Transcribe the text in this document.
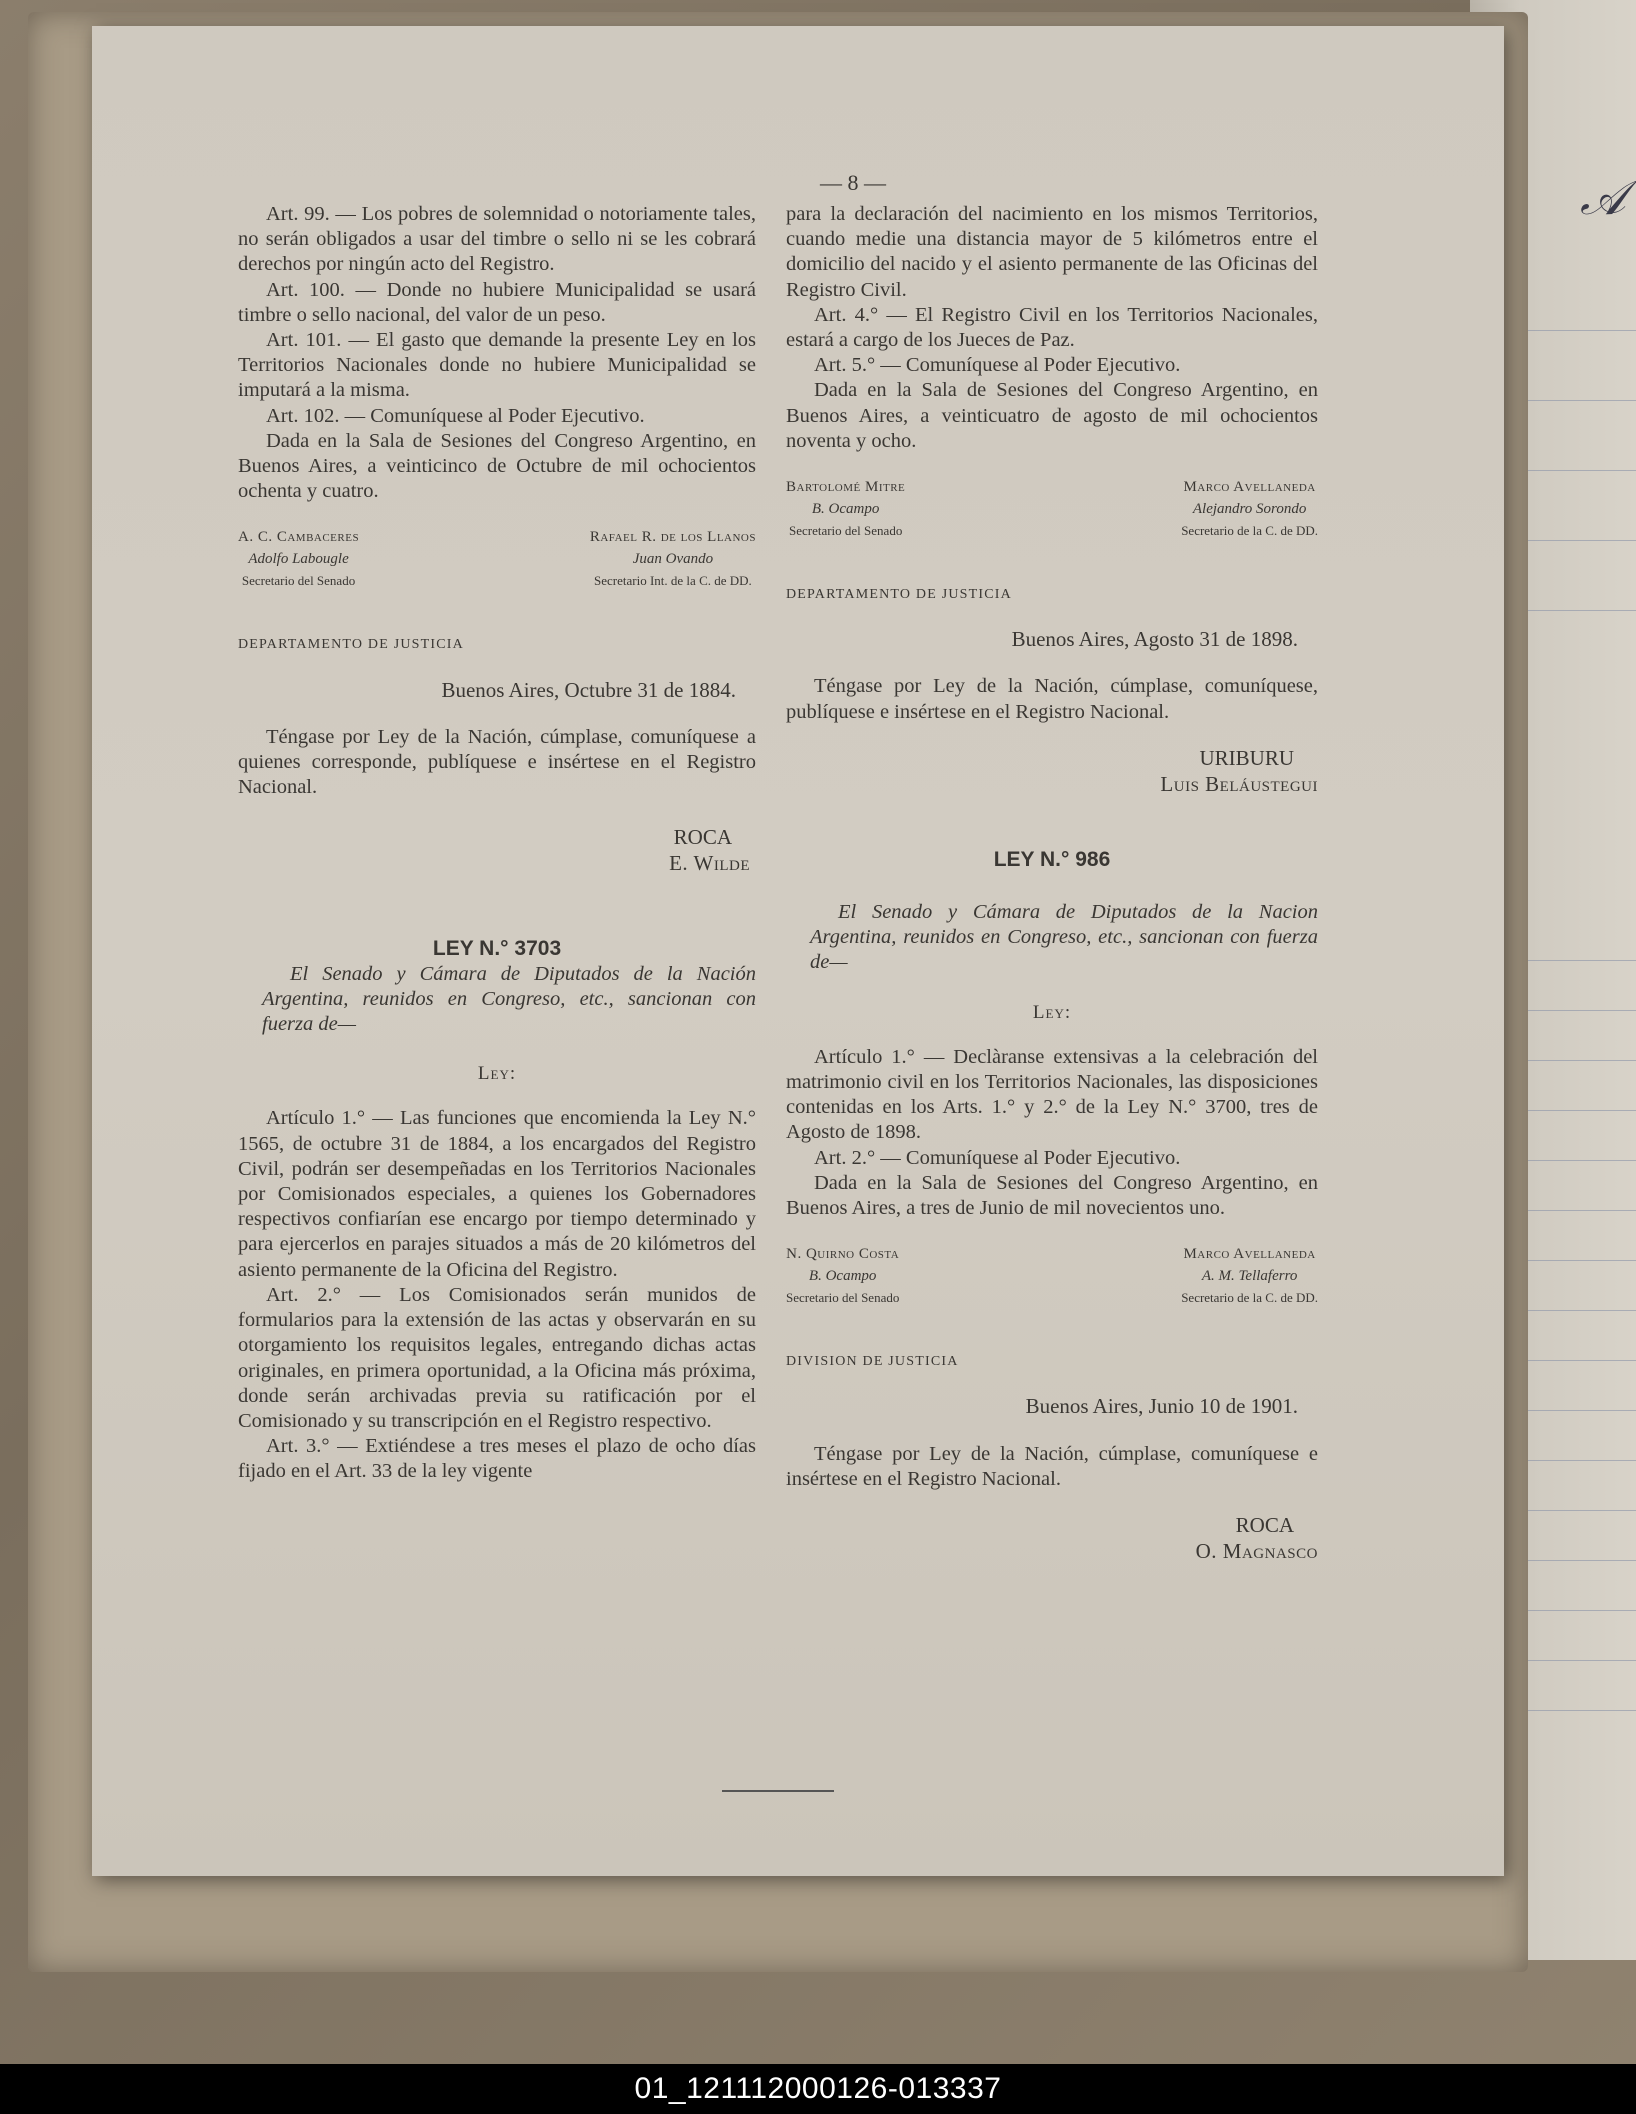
— 8 —

Art. 99. — Los pobres de solemnidad o notoriamente tales, no serán obligados a usar del timbre o sello ni se les cobrará derechos por ningún acto del Registro.

Art. 100. — Donde no hubiere Municipalidad se usará timbre o sello nacional, del valor de un peso.

Art. 101. — El gasto que demande la presente Ley en los Territorios Nacionales donde no hubiere Municipalidad se imputará a la misma.

Art. 102. — Comuníquese al Poder Ejecutivo.

Dada en la Sala de Sesiones del Congreso Argentino, en Buenos Aires, a veinticinco de Octubre de mil ochocientos ochenta y cuatro.

A. C. Cambaceres
Adolfo Labougle
Secretario del Senado
Rafael R. de los Llanos
Juan Ovando
Secretario Int. de la C. de DD.
DEPARTAMENTO DE JUSTICIA
Buenos Aires, Octubre 31 de 1884.

Téngase por Ley de la Nación, cúmplase, comuníquese a quienes corresponde, publíquese e insértese en el Registro Nacional.

ROCA
E. Wilde
LEY N.° 3703

El Senado y Cámara de Diputados de la Nación Argentina, reunidos en Congreso, etc., sancionan con fuerza de—

Ley:

Artículo 1.° — Las funciones que encomienda la Ley N.° 1565, de octubre 31 de 1884, a los encargados del Registro Civil, podrán ser desempeñadas en los Territorios Nacionales por Comisionados especiales, a quienes los Gobernadores respectivos confiarían ese encargo por tiempo determinado y para ejercerlos en parajes situados a más de 20 kilómetros del asiento permanente de la Oficina del Registro.

Art. 2.° — Los Comisionados serán munidos de formularios para la extensión de las actas y observarán en su otorgamiento los requisitos legales, entregando dichas actas originales, en primera oportunidad, a la Oficina más próxima, donde serán archivadas previa su ratificación por el Comisionado y su transcripción en el Registro respectivo.

Art. 3.° — Extiéndese a tres meses el plazo de ocho días fijado en el Art. 33 de la ley vigente

para la declaración del nacimiento en los mismos Territorios, cuando medie una distancia mayor de 5 kilómetros entre el domicilio del nacido y el asiento permanente de las Oficinas del Registro Civil.

Art. 4.° — El Registro Civil en los Territorios Nacionales, estará a cargo de los Jueces de Paz.

Art. 5.° — Comuníquese al Poder Ejecutivo.

Dada en la Sala de Sesiones del Congreso Argentino, en Buenos Aires, a veinticuatro de agosto de mil ochocientos noventa y ocho.

Bartolomé Mitre
B. Ocampo
Secretario del Senado
Marco Avellaneda
Alejandro Sorondo
Secretario de la C. de DD.
DEPARTAMENTO DE JUSTICIA
Buenos Aires, Agosto 31 de 1898.

Téngase por Ley de la Nación, cúmplase, comuníquese, publíquese e insértese en el Registro Nacional.

URIBURU
Luis Beláustegui
LEY N.° 986

El Senado y Cámara de Diputados de la Nacion Argentina, reunidos en Congreso, etc., sancionan con fuerza de—

Ley:

Artículo 1.° — Declàranse extensivas a la celebración del matrimonio civil en los Territorios Nacionales, las disposiciones contenidas en los Arts. 1.° y 2.° de la Ley N.° 3700, tres de Agosto de 1898.

Art. 2.° — Comuníquese al Poder Ejecutivo.

Dada en la Sala de Sesiones del Congreso Argentino, en Buenos Aires, a tres de Junio de mil novecientos uno.

N. Quirno Costa
B. Ocampo
Secretario del Senado
Marco Avellaneda
A. M. Tellaferro
Secretario de la C. de DD.
DIVISION DE JUSTICIA
Buenos Aires, Junio 10 de 1901.

Téngase por Ley de la Nación, cúmplase, comuníquese e insértese en el Registro Nacional.

ROCA
O. Magnasco
𝒜
01_121112000126-013337
